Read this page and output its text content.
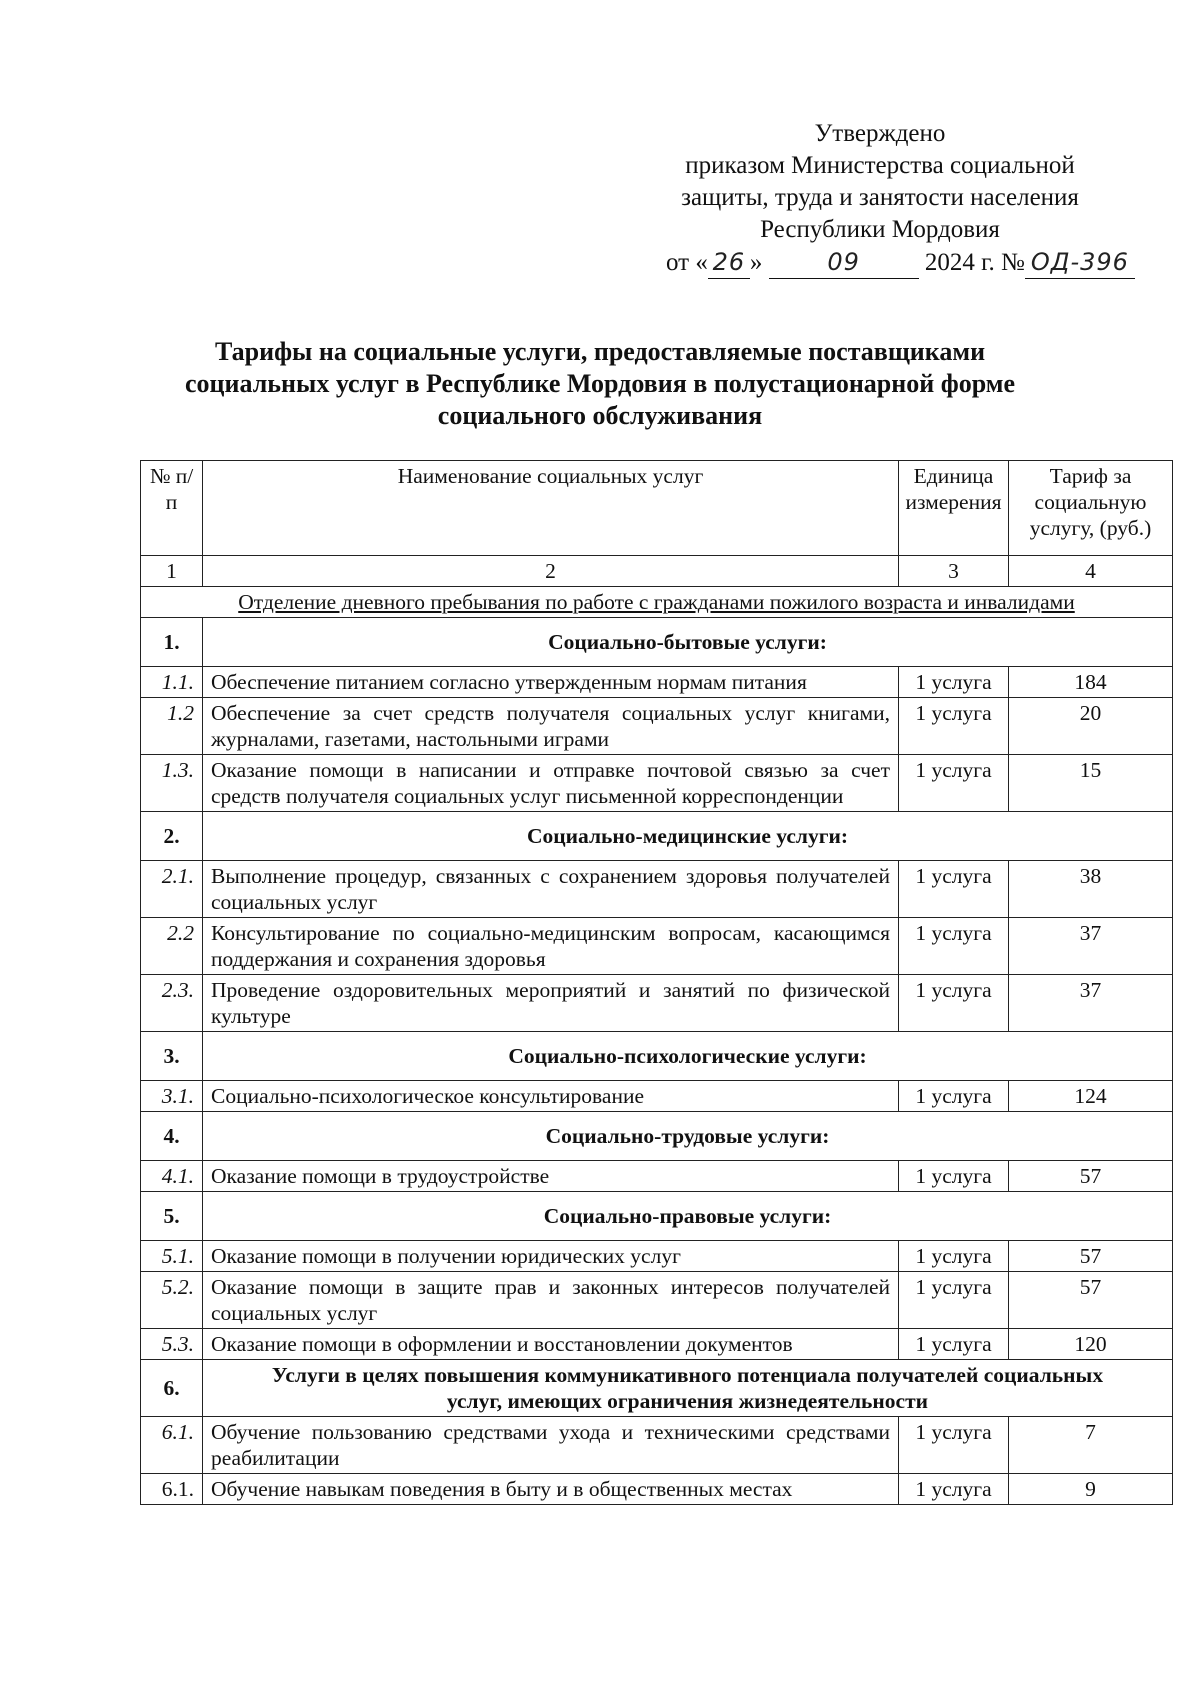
Утверждено
приказом Министерства социальной
защиты, труда и занятости населения
Республики Мордовия
от « 26 »	09	2024 г. № ОД-396
Тарифы на социальные услуги, предоставляемые поставщиками
социальных услуг в Республике Мордовия в полустационарной форме
социального обслуживания
№ п/п	Наименование социальных услуг	Единица измерения	Тариф за социальную услугу, (руб.)
1	2	3	4
Отделение дневного пребывания по работе с гражданами пожилого возраста и инвалидами			
1.	Социально-бытовые услуги:		
1.1.	Обеспечение питанием согласно утвержденным нормам питания	1 услуга	184
1.2	Обеспечение за счет средств получателя социальных услуг книгами, журналами, газетами, настольными играми	1 услуга	20
1.3.	Оказание помощи в написании и отправке почтовой связью за счет средств получателя социальных услуг письменной корреспонденции	1 услуга	15
2.	Социально-медицинские услуги:		
2.1.	Выполнение процедур, связанных с сохранением здоровья получателей социальных услуг	1 услуга	38
2.2	Консультирование по социально-медицинским вопросам, касающимся поддержания и сохранения здоровья	1 услуга	37
2.3.	Проведение оздоровительных мероприятий и занятий по физической культуре	1 услуга	37
3.	Социально-психологические услуги:		
3.1.	Социально-психологическое консультирование	1 услуга	124
4.	Социально-трудовые услуги:		
4.1.	Оказание помощи в трудоустройстве	1 услуга	57
5.	Социально-правовые услуги:		
5.1.	Оказание помощи в получении юридических услуг	1 услуга	57
5.2.	Оказание помощи в защите прав и законных интересов получателей социальных услуг	1 услуга	57
5.3.	Оказание помощи в оформлении и восстановлении документов	1 услуга	120
6.	Услуги в целях повышения коммуникативного потенциала получателей социальных услуг, имеющих ограничения жизнедеятельности		
6.1.	Обучение пользованию средствами ухода и техническими средствами реабилитации	1 услуга	7
6.1.	Обучение навыкам поведения в быту и в общественных местах	1 услуга	9
